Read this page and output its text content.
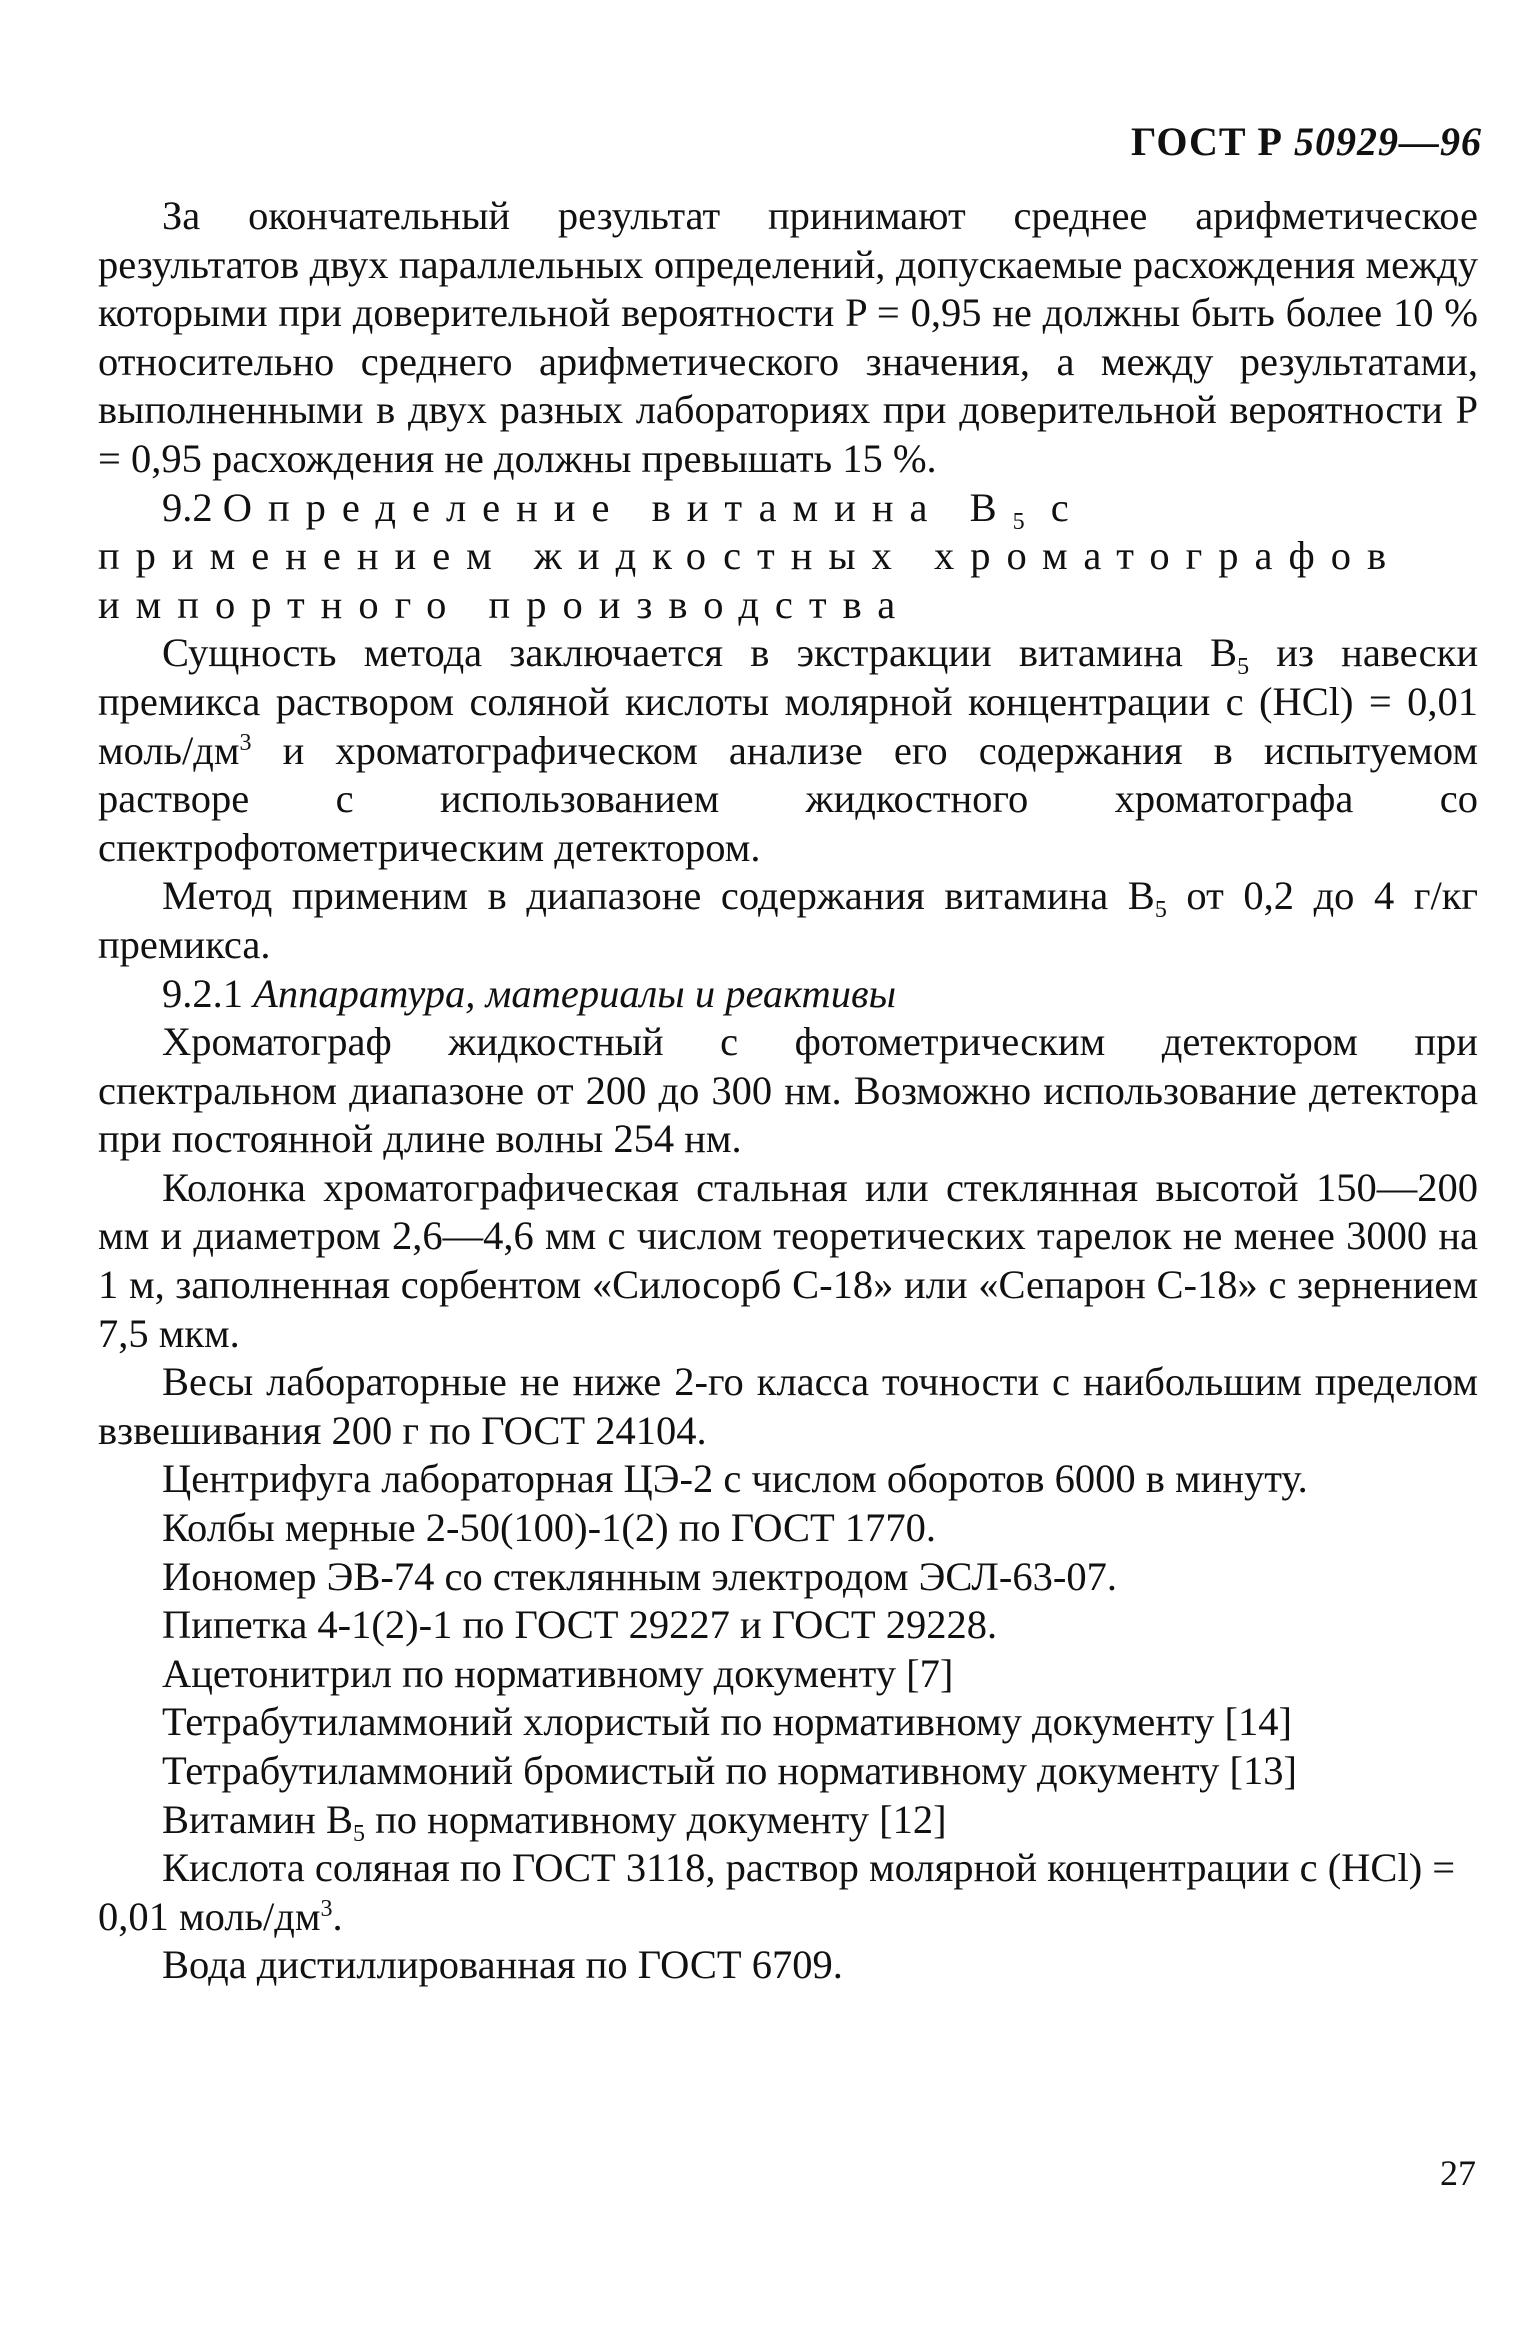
ГОСТ Р 50929—96

За окончательный результат принимают среднее арифметическое результатов двух параллельных определений, допускаемые расхождения между которыми при доверительной вероятности P = 0,95 не должны быть более 10 % относительно среднего арифметического значения, а между результатами, выполненными в двух разных лабораториях при доверительной вероятности P = 0,95 расхождения не должны превышать 15 %.

9.2 Определение витамина $B_5$ с применением жидкостных хроматографов импортного производства

Сущность метода заключается в экстракции витамина $B_5$ из навески премикса раствором соляной кислоты молярной концентрации c (HCl) = 0,01 моль/$дм^3$ и хроматографическом анализе его содержания в испытуемом растворе с использованием жидкостного хроматографа со спектрофотометрическим детектором.

Метод применим в диапазоне содержания витамина $B_5$ от 0,2 до 4 г/кг премикса.

9.2.1 Аппаратура, материалы и реактивы

Хроматограф жидкостный с фотометрическим детектором при спектральном диапазоне от 200 до 300 нм. Возможно использование детектора при постоянной длине волны 254 нм.

Колонка хроматографическая стальная или стеклянная высотой 150—200 мм и диаметром 2,6—4,6 мм с числом теоретических тарелок не менее 3000 на 1 м, заполненная сорбентом «Силосорб С-18» или «Сепарон С-18» с зернением 7,5 мкм.

Весы лабораторные не ниже 2-го класса точности с наибольшим пределом взвешивания 200 г по ГОСТ 24104.

Центрифуга лабораторная ЦЭ-2 с числом оборотов 6000 в минуту.

Колбы мерные 2-50(100)-1(2) по ГОСТ 1770.

Иономер ЭВ-74 со стеклянным электродом ЭСЛ-63-07.

Пипетка 4-1(2)-1 по ГОСТ 29227 и ГОСТ 29228.

Ацетонитрил по нормативному документу [7]

Тетрабутиламмоний хлористый по нормативному документу [14]

Тетрабутиламмоний бромистый по нормативному документу [13]

Витамин $B_5$ по нормативному документу [12]

Кислота соляная по ГОСТ 3118, раствор молярной концентрации c (HCl) = 0,01 моль/$дм^3$.

Вода дистиллированная по ГОСТ 6709.

27
